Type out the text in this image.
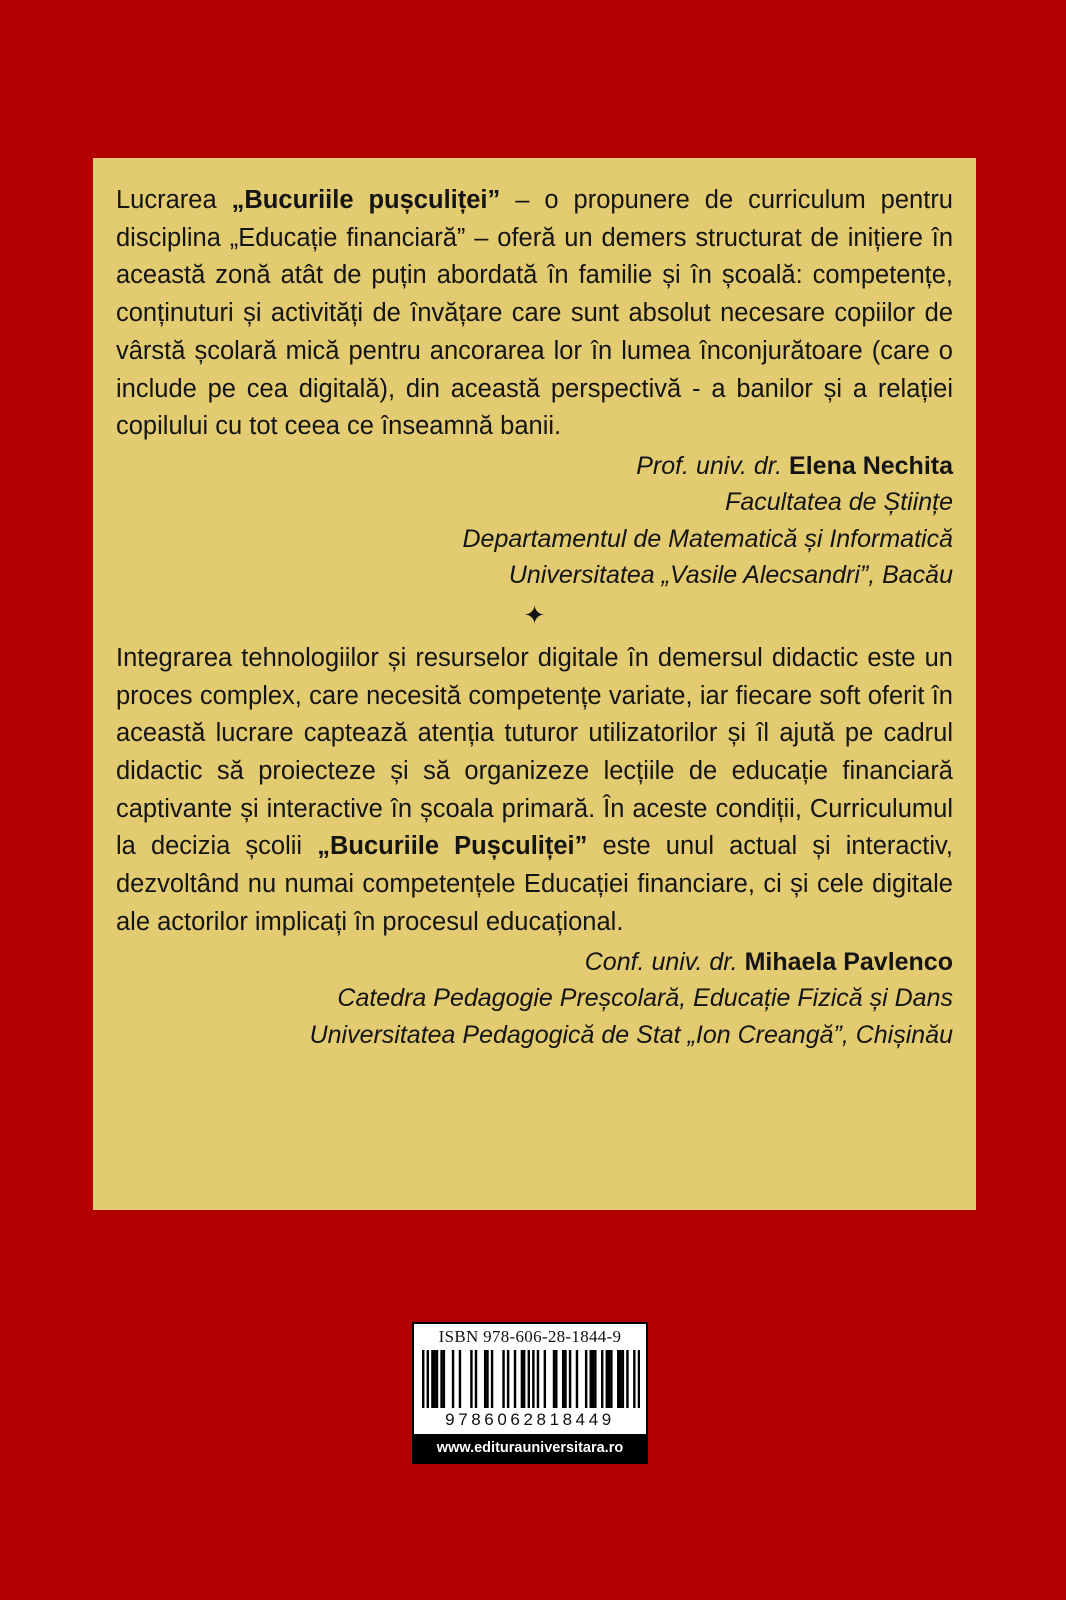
Lucrarea „Bucuriile pușculiței” – o propunere de curriculum pentru disciplina „Educație financiară” – oferă un demers structurat de inițiere în această zonă atât de puțin abordată în familie și în școală: competențe, conținuturi și activități de învățare care sunt absolut necesare copiilor de vârstă școlară mică pentru ancorarea lor în lumea înconjurătoare (care o include pe cea digitală), din această perspectivă - a banilor și a relației copilului cu tot ceea ce înseamnă banii.

Prof. univ. dr. Elena Nechita
Facultatea de Științe
Departamentul de Matematică și Informatică
Universitatea „Vasile Alecsandri”, Bacău
✦

Integrarea tehnologiilor și resurselor digitale în demersul didactic este un proces complex, care necesită competențe variate, iar fiecare soft oferit în această lucrare captează atenția tuturor utilizatorilor și îl ajută pe cadrul didactic să proiecteze și să organizeze lecțiile de educație financiară captivante și interactive în școala primară. În aceste condiții, Curriculumul la decizia școlii „Bucuriile Pușculiței” este unul actual și interactiv, dezvoltând nu numai competențele Educației financiare, ci și cele digitale ale actorilor implicați în procesul educațional.

Conf. univ. dr. Mihaela Pavlenco
Catedra Pedagogie Preșcolară, Educație Fizică și Dans
Universitatea Pedagogică de Stat „Ion Creangă”, Chișinău
ISBN 978-606-28-1844-9
9786062818449
www.editurauniversitara.ro
